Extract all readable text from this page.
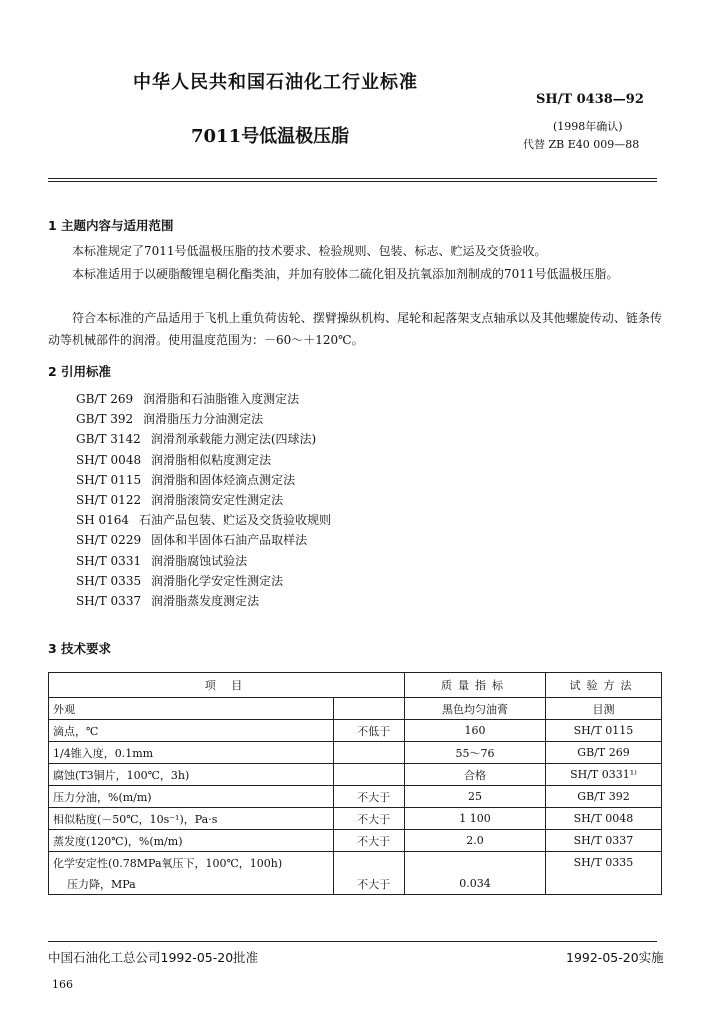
中华人民共和国石油化工行业标准
SH/T 0438—92
7011号低温极压脂	(1998年确认)
代替 ZB E40 009—88
1 主题内容与适用范围
本标准规定了7011号低温极压脂的技术要求、检验规则、包装、标志、贮运及交货验收。
本标准适用于以硬脂酸锂皂稠化酯类油，并加有胶体二硫化钼及抗氧添加剂制成的7011号低温极压脂。
符合本标准的产品适用于飞机上重负荷齿轮、摆臂操纵机构、尾轮和起落架支点轴承以及其他螺旋传动、链条传动等机械部件的润滑。使用温度范围为：－60～＋120℃。
2 引用标准
GB/T 269 润滑脂和石油脂锥入度测定法
GB/T 392 润滑脂压力分油测定法
GB/T 3142 润滑剂承载能力测定法(四球法)
SH/T 0048 润滑脂相似粘度测定法
SH/T 0115 润滑脂和固体烃滴点测定法
SH/T 0122 润滑脂滚筒安定性测定法
SH 0164 石油产品包装、贮运及交货验收规则
SH/T 0229 固体和半固体石油产品取样法
SH/T 0331 润滑脂腐蚀试验法
SH/T 0335 润滑脂化学安定性测定法
SH/T 0337 润滑脂蒸发度测定法
3 技术要求
项 目		质量指标	试验方法
外观		黑色均匀油膏	目测
滴点，℃	不低于	160	SH/T 0115
1/4锥入度，0.1mm		55～76	GB/T 269
腐蚀(T3铜片，100℃，3h)		合格	SH/T 0331¹⁾
压力分油，%(m/m)	不大于	25	GB/T 392
相似粘度(－50℃，10s⁻¹)，Pa·s	不大于	1 100	SH/T 0048
蒸发度(120℃)，%(m/m)	不大于	2.0	SH/T 0337
化学安定性(0.78MPa氧压下，100℃，100h)			SH/T 0335
压力降，MPa	不大于	0.034	
中国石油化工总公司1992-05-20批准	1992-05-20实施
166
